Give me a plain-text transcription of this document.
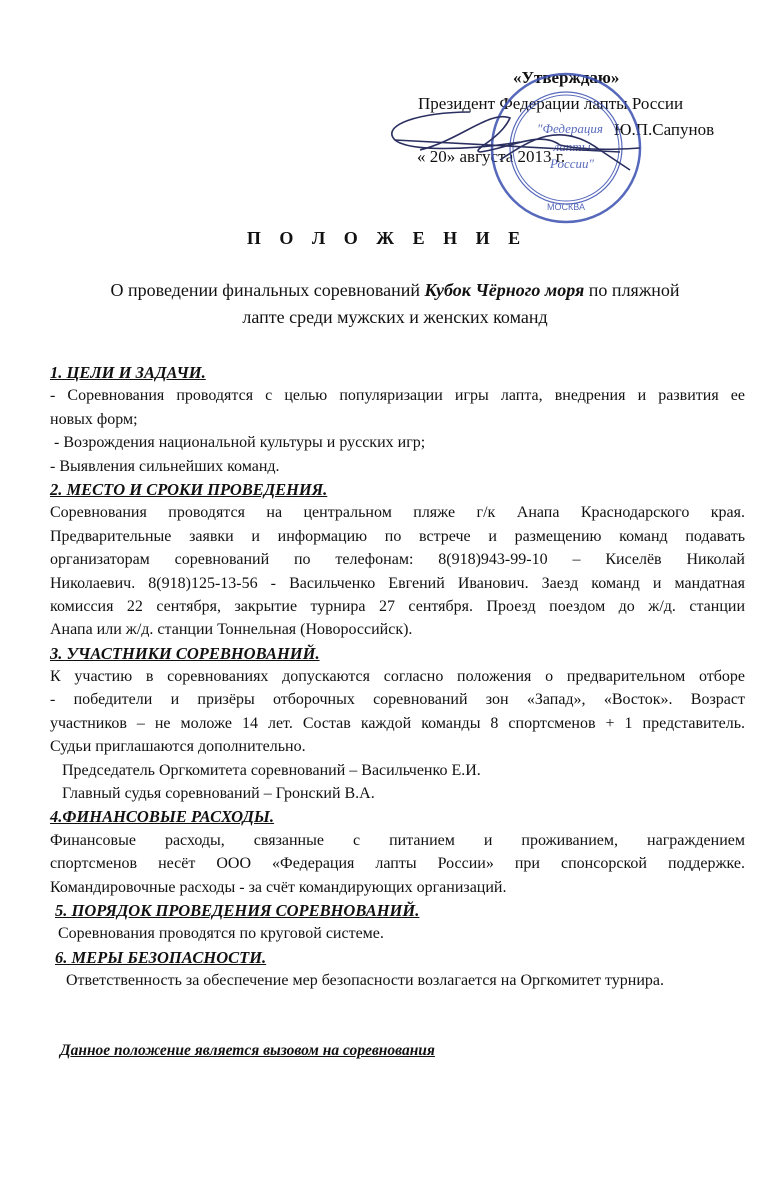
«Утверждаю»
Президент Федерации лапты России
Ю.П.Сапунов
« 20» августа 2013 г.
МОСКВА
"Федерация
лапты
России"
П О Л О Ж Е Н И Е
О проведении финальных соревнований Кубок Чёрного моря по пляжной
лапте среди мужских и женских команд
1. ЦЕЛИ И ЗАДАЧИ.
- Соревнования проводятся с целью популяризации игры лапта, внедрения и развития ее
новых форм;
- Возрождения национальной культуры и русских игр;
- Выявления сильнейших команд.
2. МЕСТО И СРОКИ ПРОВЕДЕНИЯ.
Соревнования проводятся на центральном пляже г/к Анапа Краснодарского края.
Предварительные заявки и информацию по встрече и размещению команд подавать
организаторам соревнований по телефонам: 8(918)943-99-10 – Киселёв Николай
Николаевич. 8(918)125-13-56 - Васильченко Евгений Иванович. Заезд команд и мандатная
комиссия 22 сентября, закрытие турнира 27 сентября. Проезд поездом до ж/д. станции
Анапа или ж/д. станции Тоннельная (Новороссийск).
3. УЧАСТНИКИ СОРЕВНОВАНИЙ.
К участию в соревнованиях допускаются согласно положения о предварительном отборе
- победители и призёры отборочных соревнований зон «Запад», «Восток». Возраст
участников – не моложе 14 лет. Состав каждой команды 8 спортсменов + 1 представитель.
Судьи приглашаются дополнительно.
Председатель Оргкомитета соревнований – Васильченко Е.И.
Главный судья соревнований – Гронский В.А.
4.ФИНАНСОВЫЕ РАСХОДЫ.
Финансовые расходы, связанные с питанием и проживанием, награждением
спортсменов несёт ООО «Федерация лапты России» при спонсорской поддержке.
Командировочные расходы - за счёт командирующих организаций.
5. ПОРЯДОК ПРОВЕДЕНИЯ СОРЕВНОВАНИЙ.
Соревнования проводятся по круговой системе.
6. МЕРЫ БЕЗОПАСНОСТИ.
Ответственность за обеспечение мер безопасности возлагается на Оргкомитет турнира.
Данное положение является вызовом на соревнования
